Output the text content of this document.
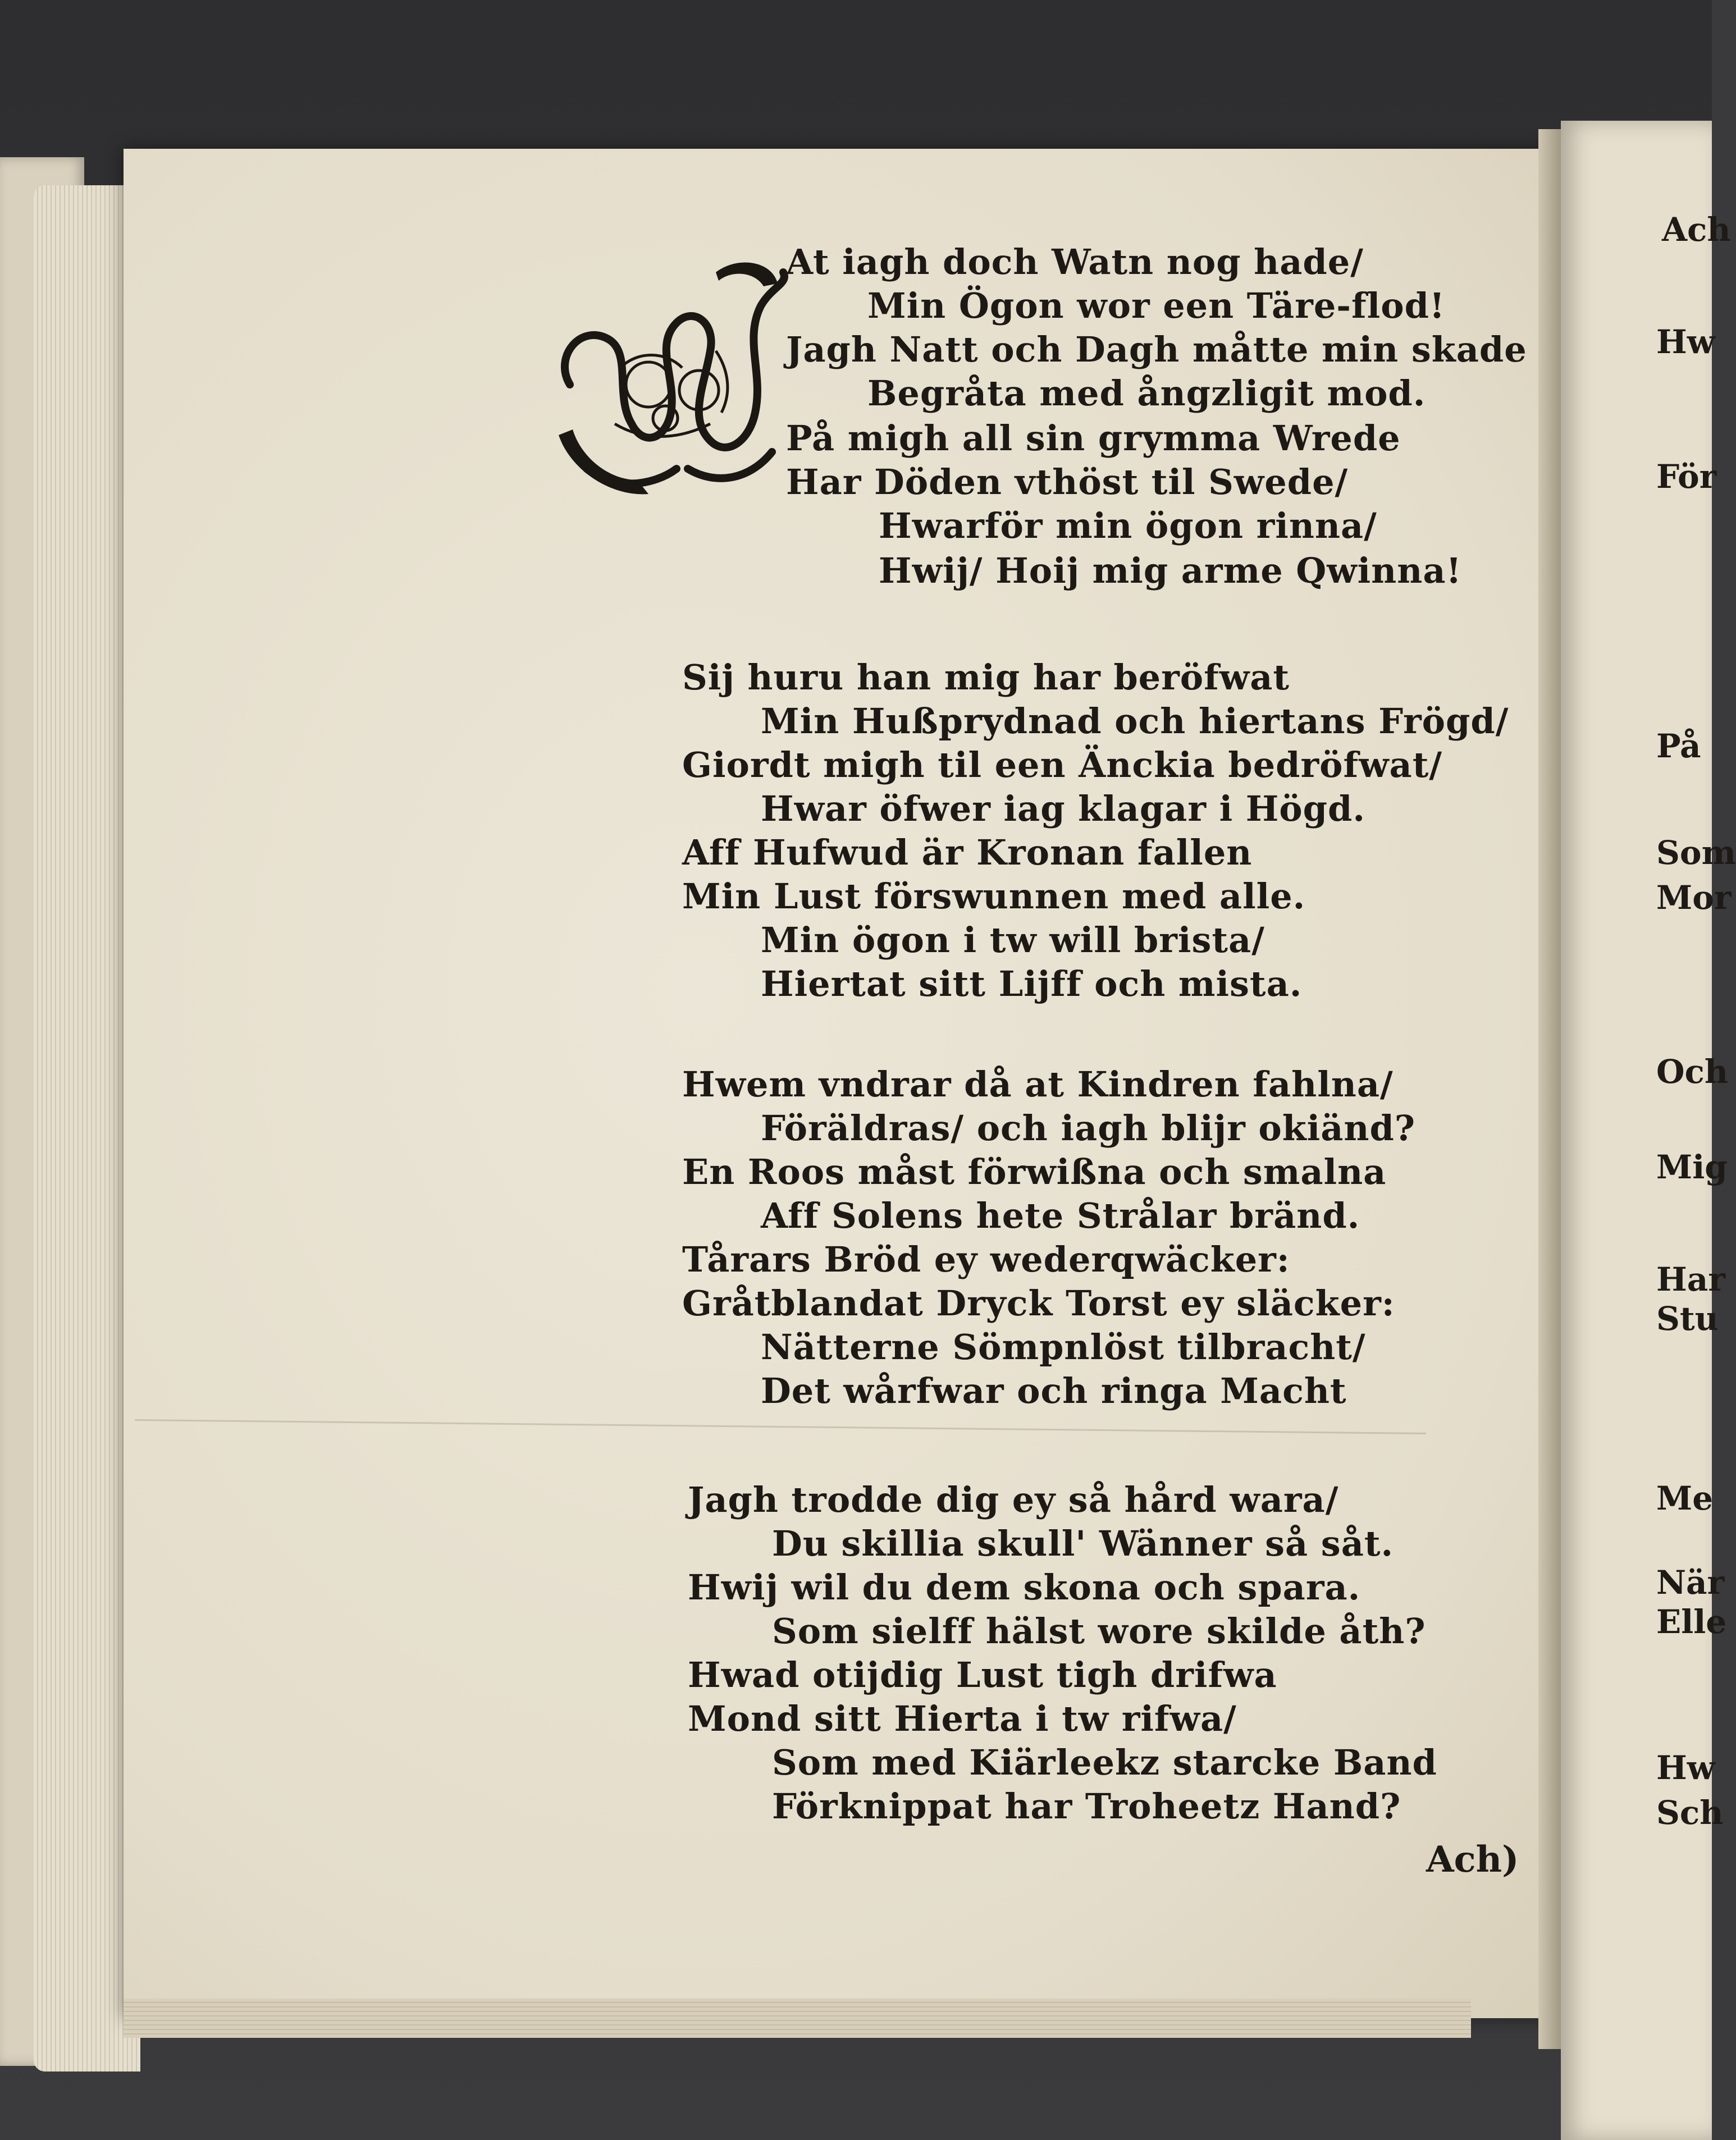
At iagh doch Watn nog hade/
Min Ögon wor een Täre-flod!
Jagh Natt och Dagh måtte min skade
Begråta med ångzligit mod.
På migh all sin grymma Wrede
Har Döden vthöst til Swede/
Hwarför min ögon rinna/
Hwij/ Hoij mig arme Qwinna!
Sij huru han mig har beröfwat
Min Hußprydnad och hiertans Frögd/
Giordt migh til een Änckia bedröfwat/
Hwar öfwer iag klagar i Högd.
Aff Hufwud är Kronan fallen
Min Lust förswunnen med alle.
Min ögon i tw will brista/
Hiertat sitt Lijff och mista.
Hwem vndrar då at Kindren fahlna/
Föräldras/ och iagh blijr okiänd?
En Roos måst förwißna och smalna
Aff Solens hete Strålar bränd.
Tårars Bröd ey wederqwäcker:
Gråtblandat Dryck Torst ey släcker:
Nätterne Sömpnlöst tilbracht/
Det wårfwar och ringa Macht
Jagh trodde dig ey så hård wara/
Du skillia skull' Wänner så såt.
Hwij wil du dem skona och spara.
Som sielff hälst wore skilde åth?
Hwad otijdig Lust tigh drifwa
Mond sitt Hierta i tw rifwa/
Som med Kiärleekz starcke Band
Förknippat har Troheetz Hand?
Ach)
Ach
Hw
För
På
Som
Mor
Och
Mig
Har
Stu
Me
När
Elle
Hw
Sch
